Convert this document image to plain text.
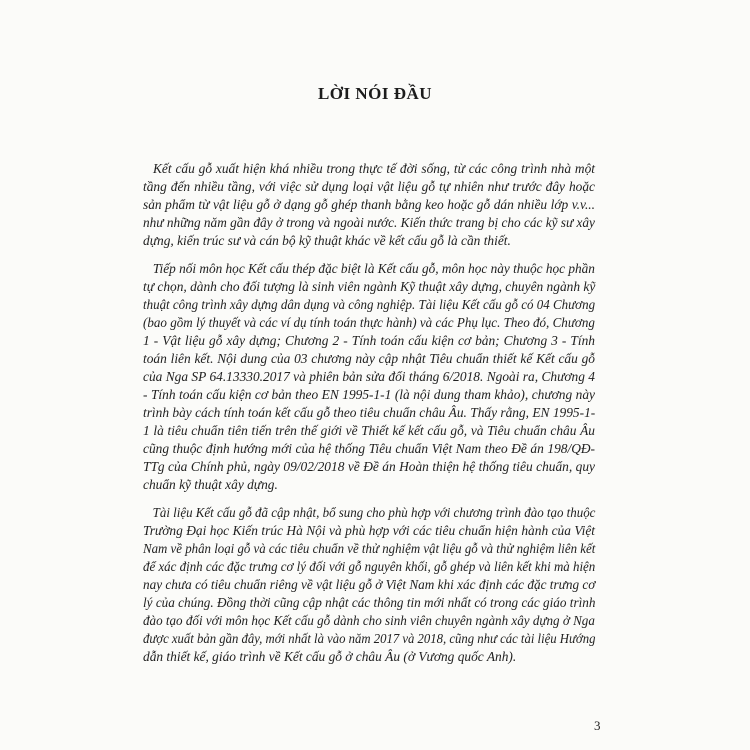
LỜI NÓI ĐẦU
Kết cấu gỗ xuất hiện khá nhiều trong thực tế đời sống, từ các công trình nhà một
tầng đến nhiều tầng, với việc sử dụng loại vật liệu gỗ tự nhiên như trước đây hoặc
sản phẩm từ vật liệu gỗ ở dạng gỗ ghép thanh bằng keo hoặc gỗ dán nhiều lớp v.v...
như những năm gần đây ở trong và ngoài nước. Kiến thức trang bị cho các kỹ sư xây
dựng, kiến trúc sư và cán bộ kỹ thuật khác về kết cấu gỗ là cần thiết.
Tiếp nối môn học Kết cấu thép đặc biệt là Kết cấu gỗ, môn học này thuộc học phần
tự chọn, dành cho đối tượng là sinh viên ngành Kỹ thuật xây dựng, chuyên ngành kỹ
thuật công trình xây dựng dân dụng và công nghiệp. Tài liệu Kết cấu gỗ có 04 Chương
(bao gồm lý thuyết và các ví dụ tính toán thực hành) và các Phụ lục. Theo đó, Chương
1 - Vật liệu gỗ xây dựng; Chương 2 - Tính toán cấu kiện cơ bản; Chương 3 - Tính
toán liên kết. Nội dung của 03 chương này cập nhật Tiêu chuẩn thiết kế Kết cấu gỗ
của Nga SP 64.13330.2017 và phiên bản sửa đổi tháng 6/2018. Ngoài ra, Chương 4
- Tính toán cấu kiện cơ bản theo EN 1995-1-1 (là nội dung tham khảo), chương này
trình bày cách tính toán kết cấu gỗ theo tiêu chuẩn châu Âu. Thấy rằng, EN 1995-1-
1 là tiêu chuẩn tiên tiến trên thế giới về Thiết kế kết cấu gỗ, và Tiêu chuẩn châu Âu
cũng thuộc định hướng mới của hệ thống Tiêu chuẩn Việt Nam theo Đề án 198/QĐ-
TTg của Chính phủ, ngày 09/02/2018 về Đề án Hoàn thiện hệ thống tiêu chuẩn, quy
chuẩn kỹ thuật xây dựng.
Tài liệu Kết cấu gỗ đã cập nhật, bổ sung cho phù hợp với chương trình đào tạo thuộc
Trường Đại học Kiến trúc Hà Nội và phù hợp với các tiêu chuẩn hiện hành của Việt
Nam về phân loại gỗ và các tiêu chuẩn về thử nghiệm vật liệu gỗ và thử nghiệm liên kết
để xác định các đặc trưng cơ lý đối với gỗ nguyên khối, gỗ ghép và liên kết khi mà hiện
nay chưa có tiêu chuẩn riêng về vật liệu gỗ ở Việt Nam khi xác định các đặc trưng cơ
lý của chúng. Đồng thời cũng cập nhật các thông tin mới nhất có trong các giáo trình
đào tạo đối với môn học Kết cấu gỗ dành cho sinh viên chuyên ngành xây dựng ở Nga
được xuất bản gần đây, mới nhất là vào năm 2017 và 2018, cũng như các tài liệu Hướng
dẫn thiết kế, giáo trình về Kết cấu gỗ ở châu Âu (ở Vương quốc Anh).
3
